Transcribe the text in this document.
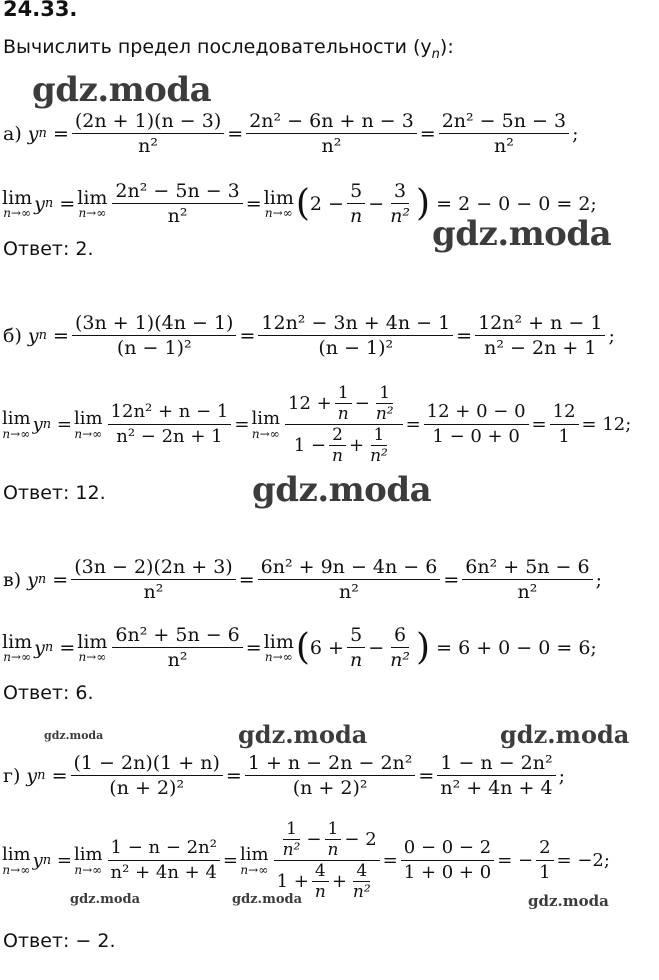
24.33.
Вычислить предел последовательности $(y_n)$:
gdz.moda
gdz.moda
gdz.moda
gdz.moda	gdz.moda	gdz.moda
gdz.moda	gdz.moda	gdz.moda
а)
y $n = \frac{(2n + 1)(n - 3)}{\text{n²}} = \frac{\text{2n² − 6n + n − 3}}{\text{n²}} = \frac{\text{2n² − 5n − 3}}{\text{n²}}$ ;
lim
n→∞ y n = lim
$n\to\infty \frac{\text{2n² − 5n − 3}}{\text{n²}} = \lim$
n→∞ ( $2 - \frac{5}{n} - \frac{3}{\text{n²}}$ )
= 2 − 0 − 0 = 2;
Ответ: 2.
б)
y $n = \frac{(3n + 1)(4n - 1)}{\text{(n − 1)²}} = \frac{\text{12n² − 3n + 4n − 1}}{\text{(n − 1)²}} = \frac{\text{12n² + n − 1}}{\text{n² − 2n + 1}}$ ;
lim
n→∞ y n = lim
$n\to\infty \frac{\text{12n² + n − 1}}{\text{n² − 2n + 1}} = \lim$
$n\to\infty \frac{12 + \frac{1}{n} - \frac{1}{\text{n²}}}{1 - \frac{2}{n} + \frac{1}{\text{n²}}} = \frac{12 + 0 - 0}{1 - 0 + 0} = \frac{12}{1} = 12$;
Ответ: 12.
в)
y $n = \frac{(3n - 2)(2n + 3)}{\text{n²}} = \frac{\text{6n² + 9n − 4n − 6}}{\text{n²}} = \frac{\text{6n² + 5n − 6}}{\text{n²}}$ ;
lim
n→∞ y n = lim
$n\to\infty \frac{\text{6n² + 5n − 6}}{\text{n²}} = \lim$
n→∞ ( $6 + \frac{5}{n} - \frac{6}{\text{n²}}$ )
= 6 + 0 − 0 = 6;
Ответ: 6.
г)
y $n = \frac{(1 - 2n)(1 + n)}{\text{(n + 2)²}} = \frac{\text{1 + n − 2n − 2n²}}{\text{(n + 2)²}} = \frac{\text{1 − n − 2n²}}{\text{n² + 4n + 4}}$ ;
lim
n→∞ y n = lim
$n\to\infty \frac{\text{1 − n − 2n²}}{\text{n² + 4n + 4}} = \lim$
$n\to\infty \frac{\frac{1}{\text{n²}} - \frac{1}{n} - 2}{1 + \frac{4}{n} + \frac{4}{\text{n²}}} = \frac{0 - 0 - 2}{1 + 0 + 0}$ = − $\frac{2}{1} = -2$;
Ответ: − 2.
